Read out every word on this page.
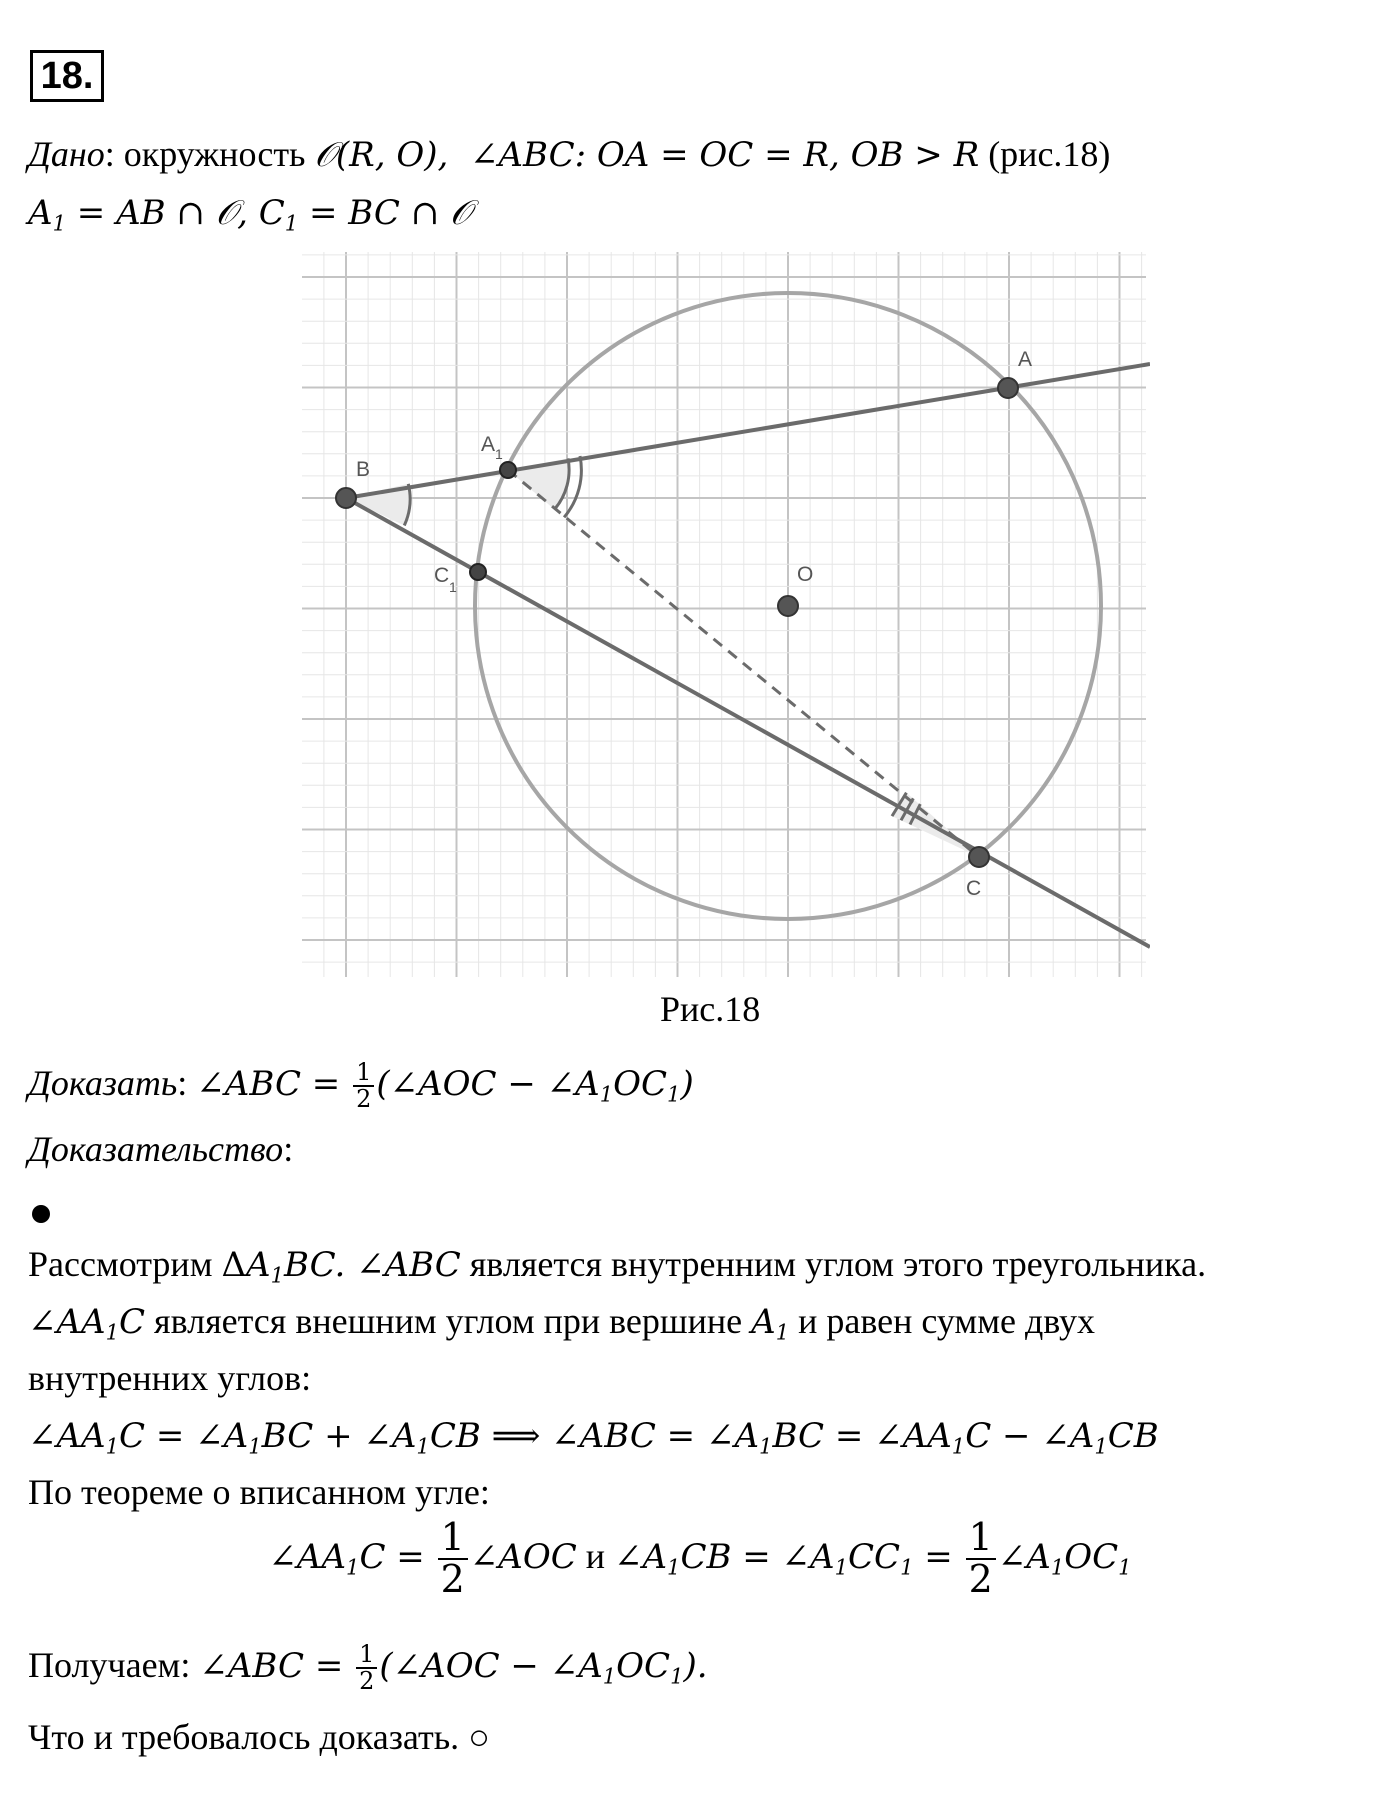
18.
Дано: окружность 𝒪(R, O),  ∠ABC: OA = OC = R, OB > R (рис.18)
$A_1$ = AB ∩ 𝒪, $C_1$ = BC ∩ 𝒪
B
A
C
O
A 1
C 1
Рис.18
Доказать: ∠ABC = $\frac{1}{2}$ (∠AOC − $\angle A_1OC_1$)
Доказательство:
Рассмотрим $\Delta A_1BC$. ∠ABC является внутренним углом этого треугольника.
$\angle AA_1C$ является внешним углом при вершине $A_1$ и равен сумме двух
внутренних углов:
$\angle AA_1C$ = $\angle A_1BC$ + $\angle A_1CB$ ⟹ ∠ABC = $\angle A_1BC$ = $\angle AA_1C$ − $\angle A_1CB$
По теореме о вписанном угле:
$\angle AA_1C = \frac{1}{2}$ ∠AOC и $\angle A_1CB$ = $\angle A_1CC_1 = \frac{1}{2}$ $\angle A_1OC_1$
Получаем: ∠ABC = $\frac{1}{2}$ (∠AOC − $\angle A_1OC_1$).
Что и требовалось доказать. ○
